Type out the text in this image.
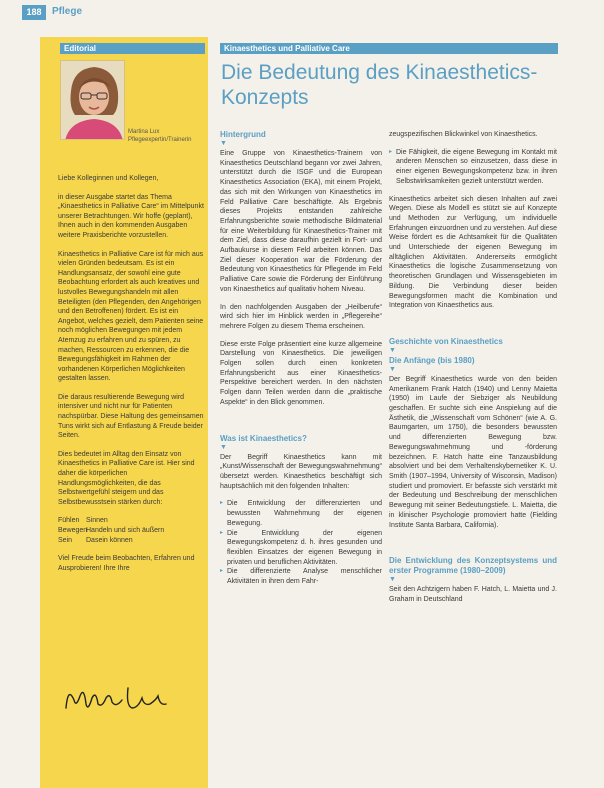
188	Pflege
Editorial
Martina Lux
Pflegeexpertin/Trainerin

Liebe Kolleginnen und Kollegen,

in dieser Ausgabe startet das Thema „Kinaesthetics in Palliative Care“ im Mittelpunkt unserer Betrachtungen. Wir hoffe (geplant), Ihnen auch in den kommenden Ausgaben weitere Praxisberichte vorzustellen.

Kinaesthetics in Palliative Care ist für mich aus vielen Gründen bedeutsam. Es ist ein Handlungsansatz, der sowohl eine gute Beobachtung erfordert als auch kreatives und lustvolles Bewegungshandeln mit allen Beteiligten (den Pflegenden, den Angehörigen und den Betroffenen) fördert. Es ist ein Angebot, welches gezielt, dem Patienten seine noch möglichen Bewegungen mit jedem Atemzug zu erfahren und zu spüren, zu machen, Ressourcen zu erkennen, die die Bewegungsfähigkeit im Rahmen der vorhandenen Körperlichen Möglichkeiten gestalten lassen.

Die daraus resultierende Bewegung wird intensiver und nicht nur für Patienten nachspürbar. Diese Haltung des gemeinsamen Tuns wirkt sich auf Entlastung & Freude beider Seiten.

Dies bedeutet im Alltag den Einsatz von Kinaesthetics in Palliative Care ist. Hier sind daher die körperlichen Handlungsmöglichkeiten, die das Selbstwertgefühl steigern und das Selbstbewusstsein stärken durch:

Fühlen Sinnen
Bewegen
Handeln und sich äußern
Sein	Dasein können

Viel Freude beim Beobachten, Erfahren und Ausprobieren! Ihre Ihre

Kinaesthetics und Palliative Care
Die Bedeutung des Kinaesthetics-Konzepts
Hintergrund
▼
Eine Gruppe von Kinaesthetics-Trainern von Kinaesthetics Deutschland begann vor zwei Jahren, unterstützt durch die ISGF und die European Kinaesthetics Association (EKA), mit einem Projekt, das sich mit den Wirkungen von Kinaesthetics im Feld Palliative Care beschäftigte. Als Ergebnis dieses Projekts entstanden zahlreiche Erfahrungsberichte sowie methodische Bildmaterial für eine Weiterbildung für Kinaesthetics-Trainer mit dem Ziel, dass diese daraufhin gezielt in Fort- und Aufbaukurse in diesem Feld arbeiten können. Das Ziel dieser Kooperation war die Förderung der Bedeutung von Kinaesthetics für Pflegende im Feld Palliative Care sowie die Förderung der Einführung von Kinaesthetics auf qualitativ hohem Niveau.
In den nachfolgenden Ausgaben der „Heilberufe“ wird sich hier im Hinblick werden in „Pflegereihe“ mehrere Folgen zu diesem Thema erscheinen.
Diese erste Folge präsentiert eine kurze allgemeine Darstellung von Kinaesthetics. Die jeweiligen Folgen sollen durch einen konkreten Erfahrungsbericht aus einer Kinaesthetics-Perspektive bereichert werden. In den nächsten Folgen dann Teilen werden dann die „praktische Aspekte“ in den Blick genommen.
Was ist Kinaesthetics?
▼
Der Begriff Kinaesthetics kann mit „Kunst/Wissenschaft der Bewegungswahrnehmung“ übersetzt werden. Kinaesthetics beschäftigt sich hauptsächlich mit den folgenden Inhalten:
▸ Die Entwicklung der differenzierten und bewussten Wahrnehmung der eigenen Bewegung.
▸ Die Entwicklung der eigenen Bewegungskompetenz d. h. ihres gesunden und flexiblen Einsatzes der eigenen Bewegung in privaten und beruflichen Aktivitäten.
▸ Die differenzierte Analyse menschlicher Aktivitäten in ihren dem Fahr-
zeugspezifischen Blickwinkel von Kinaesthetics.
▸ Die Fähigkeit, die eigene Bewegung im Kontakt mit anderen Menschen so einzusetzen, dass diese in einer eigenen Bewegungskompetenz bzw. in ihren Selbstwirksamkeiten gezielt unterstützt werden.
Kinaesthetics arbeitet sich diesen Inhalten auf zwei Wegen. Diese als Modell es stützt sie auf Konzepte und Methoden zur Verfügung, um individuelle Erfahrungen einzuordnen und zu verstehen. Auf diese Weise fördert es die Achtsamkeit für die Qualitäten und Unterschiede der eigenen Bewegung im alltäglichen Aktivitäten. Andererseits ermöglicht Kinaesthetics die logische Zusammensetzung von theoretischen Grundlagen und Wissensgebieten im Bildung. Die Verbindung dieser beiden Bewegungsformen macht die Kombination und Integration von Kinaesthetics aus.
Geschichte von Kinaesthetics
▼
Die Anfänge (bis 1980)
▼
Der Begriff Kinaesthetics wurde von den beiden Amerikanern Frank Hatch (1940) und Lenny Maietta (1950) im Laufe der Siebziger als Neubildung geschaffen. Er suchte sich eine Anspielung auf die Ästhetik, die „Wissenschaft vom Schönen“ (wie A. G. Baumgarten, um 1750), die besonders bewussten und differenzierten Bewegung bzw. Bewegungswahrnehmung und -förderung bezeichnen. F. Hatch hatte eine Tanzausbildung absolviert und bei dem Verhaltenskybernetiker K. U. Smith (1907–1994, University of Wisconsin, Madison) studiert und promoviert. Er befasste sich verstärkt mit der Bedeutung und Beschreibung der menschlichen Bewegung mit seiner Bedeutungstiefe. L. Maietta, die in klinischer Psychologie promoviert hatte (Fielding Institute Santa Barbara, California).
Die Entwicklung des Konzeptsystems und erster Programme (1980–2009)
▼
Seit den Achtzigern haben F. Hatch, L. Maietta und J. Graham in Deutschland
